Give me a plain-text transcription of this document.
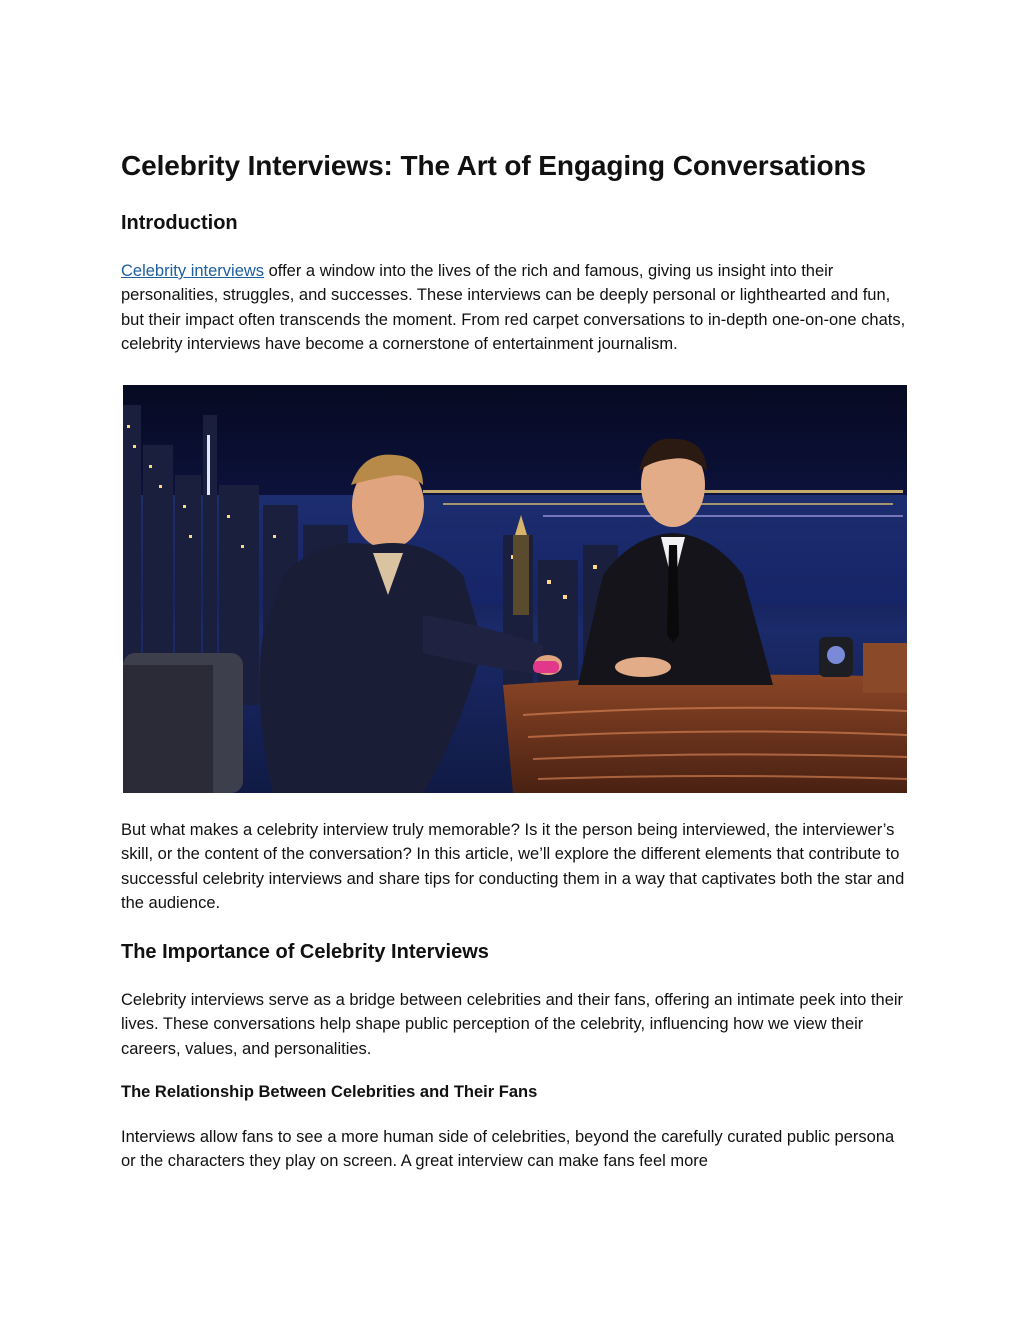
Celebrity Interviews: The Art of Engaging Conversations
Introduction

Celebrity interviews offer a window into the lives of the rich and famous, giving us insight into their personalities, struggles, and successes. These interviews can be deeply personal or lighthearted and fun, but their impact often transcends the moment. From red carpet conversations to in-depth one-on-one chats, celebrity interviews have become a cornerstone of entertainment journalism.

But what makes a celebrity interview truly memorable? Is it the person being interviewed, the interviewer’s skill, or the content of the conversation? In this article, we’ll explore the different elements that contribute to successful celebrity interviews and share tips for conducting them in a way that captivates both the star and the audience.

The Importance of Celebrity Interviews

Celebrity interviews serve as a bridge between celebrities and their fans, offering an intimate peek into their lives. These conversations help shape public perception of the celebrity, influencing how we view their careers, values, and personalities.

The Relationship Between Celebrities and Their Fans

Interviews allow fans to see a more human side of celebrities, beyond the carefully curated public persona or the characters they play on screen. A great interview can make fans feel more
